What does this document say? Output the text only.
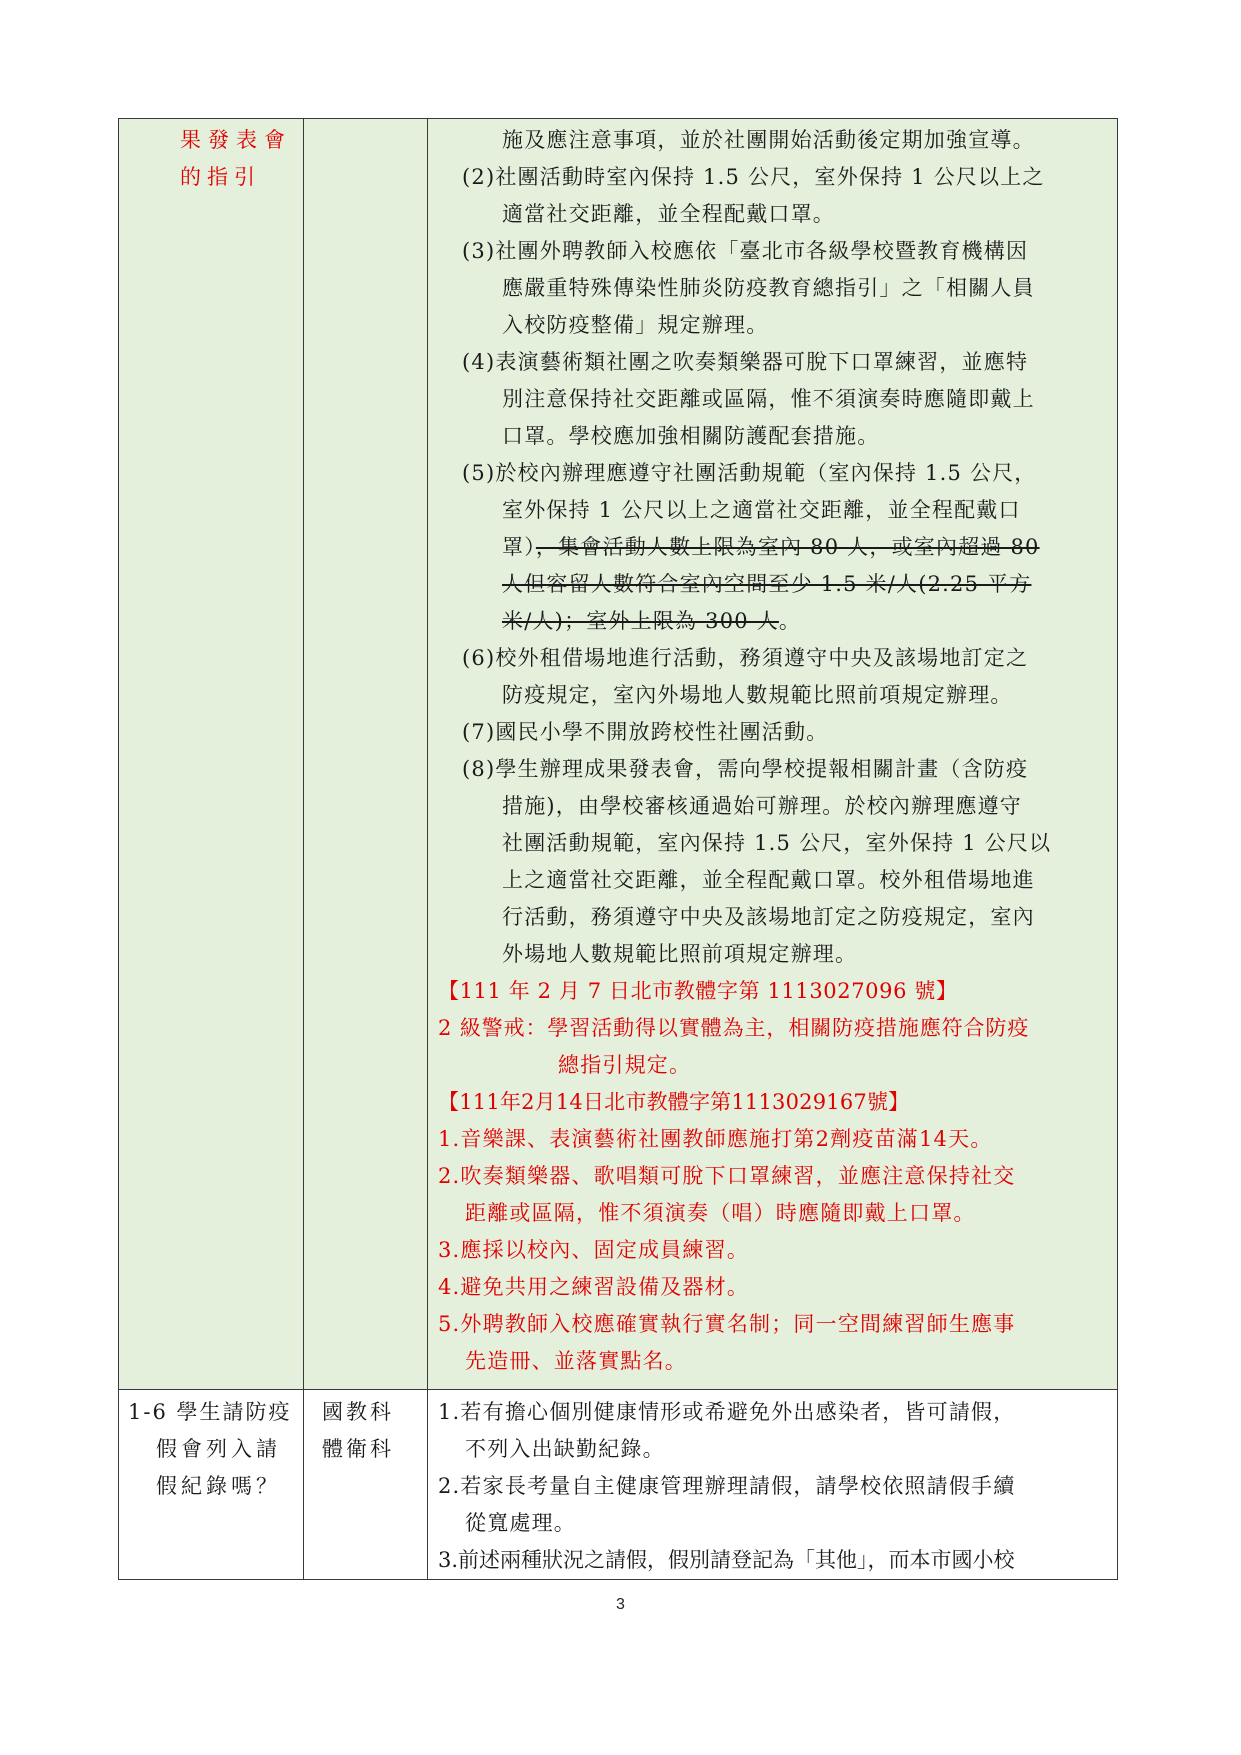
果發表會
的指引
施及應注意事項，並於社團開始活動後定期加強宣導。
(2)社團活動時室內保持 1.5 公尺，室外保持 1 公尺以上之
適當社交距離，並全程配戴口罩。
(3)社團外聘教師入校應依「臺北市各級學校暨教育機構因
應嚴重特殊傳染性肺炎防疫教育總指引」之「相關人員
入校防疫整備」規定辦理。
(4)表演藝術類社團之吹奏類樂器可脫下口罩練習，並應特
別注意保持社交距離或區隔，惟不須演奏時應隨即戴上
口罩。學校應加強相關防護配套措施。
(5)於校內辦理應遵守社團活動規範（室內保持 1.5 公尺，
室外保持 1 公尺以上之適當社交距離，並全程配戴口
罩），集會活動人數上限為室內 80 人，或室內超過 80
人但容留人數符合室內空間至少 1.5 米/人(2.25 平方
米/人)；室外上限為 300 人。
(6)校外租借場地進行活動，務須遵守中央及該場地訂定之
防疫規定，室內外場地人數規範比照前項規定辦理。
(7)國民小學不開放跨校性社團活動。
(8)學生辦理成果發表會，需向學校提報相關計畫（含防疫
措施)，由學校審核通過始可辦理。於校內辦理應遵守
社團活動規範，室內保持 1.5 公尺，室外保持 1 公尺以
上之適當社交距離，並全程配戴口罩。校外租借場地進
行活動，務須遵守中央及該場地訂定之防疫規定，室內
外場地人數規範比照前項規定辦理。
【111 年 2 月 7 日北市教體字第 1113027096 號】
2 級警戒：學習活動得以實體為主，相關防疫措施應符合防疫
總指引規定。
【111年2月14日北市教體字第1113029167號】
1.音樂課、表演藝術社團教師應施打第2劑疫苗滿14天。
2.吹奏類樂器、歌唱類可脫下口罩練習，並應注意保持社交
距離或區隔，惟不須演奏（唱）時應隨即戴上口罩。
3.應採以校內、固定成員練習。
4.避免共用之練習設備及器材。
5.外聘教師入校應確實執行實名制；同一空間練習師生應事
先造冊、並落實點名。
1-6 學生請防疫
假會列入請
假紀錄嗎？
國教科
體衛科
1.若有擔心個別健康情形或希避免外出感染者，皆可請假，
不列入出缺勤紀錄。
2.若家長考量自主健康管理辦理請假，請學校依照請假手續
從寬處理。
3.前述兩種狀況之請假，假別請登記為「其他」，而本市國小校
3
